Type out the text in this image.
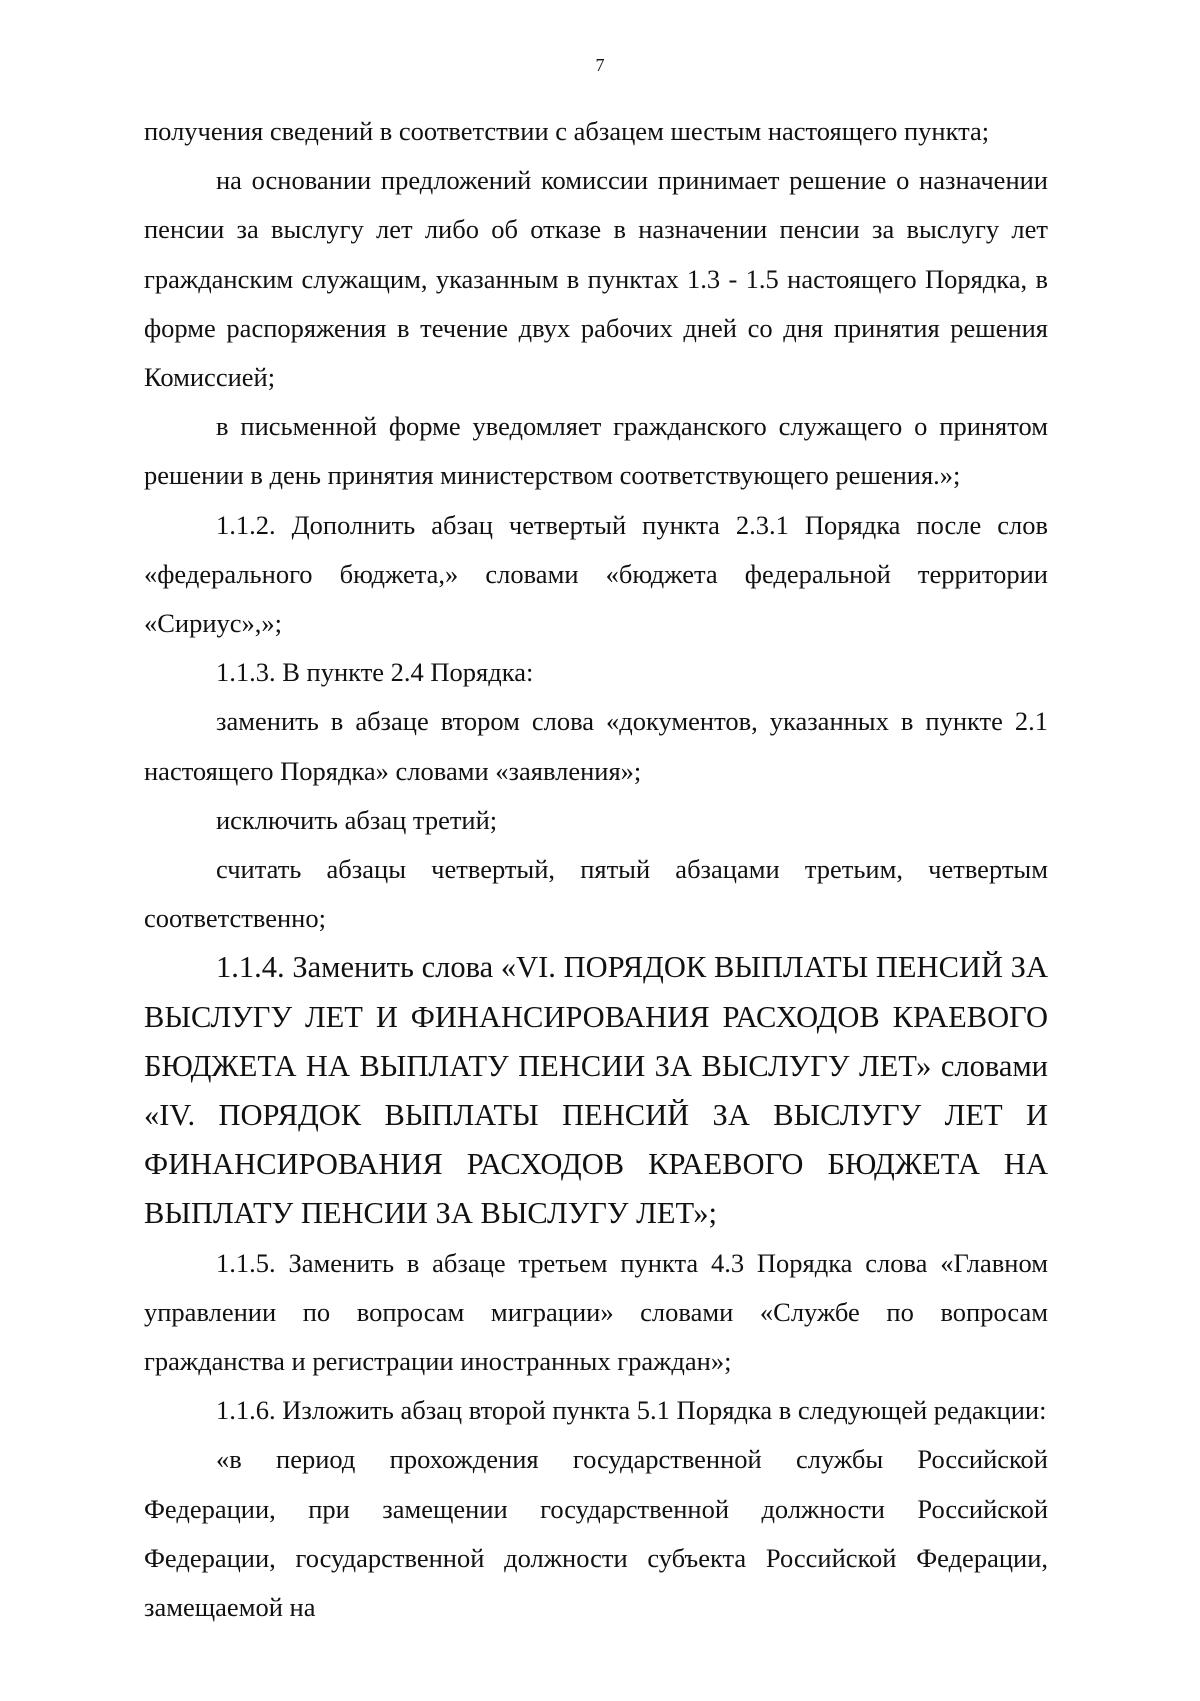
7

получения сведений в соответствии с абзацем шестым настоящего пункта;

на основании предложений комиссии принимает решение о назначении пенсии за выслугу лет либо об отказе в назначении пенсии за выслугу лет гражданским служащим, указанным в пунктах 1.3 - 1.5 настоящего Порядка, в форме распоряжения в течение двух рабочих дней со дня принятия решения Комиссией;

в письменной форме уведомляет гражданского служащего о принятом решении в день принятия министерством соответствующего решения.»;

1.1.2. Дополнить абзац четвертый пункта 2.3.1 Порядка после слов «федерального бюджета,» словами «бюджета федеральной территории «Сириус»,»;

1.1.3. В пункте 2.4 Порядка:

заменить в абзаце втором слова «документов, указанных в пункте 2.1 настоящего Порядка» словами «заявления»;

исключить абзац третий;

считать абзацы четвертый, пятый абзацами третьим, четвертым соответственно;

1.1.4. Заменить слова «VI. ПОРЯДОК ВЫПЛАТЫ ПЕНСИЙ ЗА ВЫСЛУГУ ЛЕТ И ФИНАНСИРОВАНИЯ РАСХОДОВ КРАЕВОГО БЮДЖЕТА НА ВЫПЛАТУ ПЕНСИИ ЗА ВЫСЛУГУ ЛЕТ» словами «IV. ПОРЯДОК ВЫПЛАТЫ ПЕНСИЙ ЗА ВЫСЛУГУ ЛЕТ И ФИНАНСИРОВАНИЯ РАСХОДОВ КРАЕВОГО БЮДЖЕТА НА ВЫПЛАТУ ПЕНСИИ ЗА ВЫСЛУГУ ЛЕТ»;

1.1.5. Заменить в абзаце третьем пункта 4.3 Порядка слова «Главном управлении по вопросам миграции» словами «Службе по вопросам гражданства и регистрации иностранных граждан»;

1.1.6. Изложить абзац второй пункта 5.1 Порядка в следующей редакции:

«в период прохождения государственной службы Российской Федерации, при замещении государственной должности Российской Федерации, государственной должности субъекта Российской Федерации, замещаемой на
